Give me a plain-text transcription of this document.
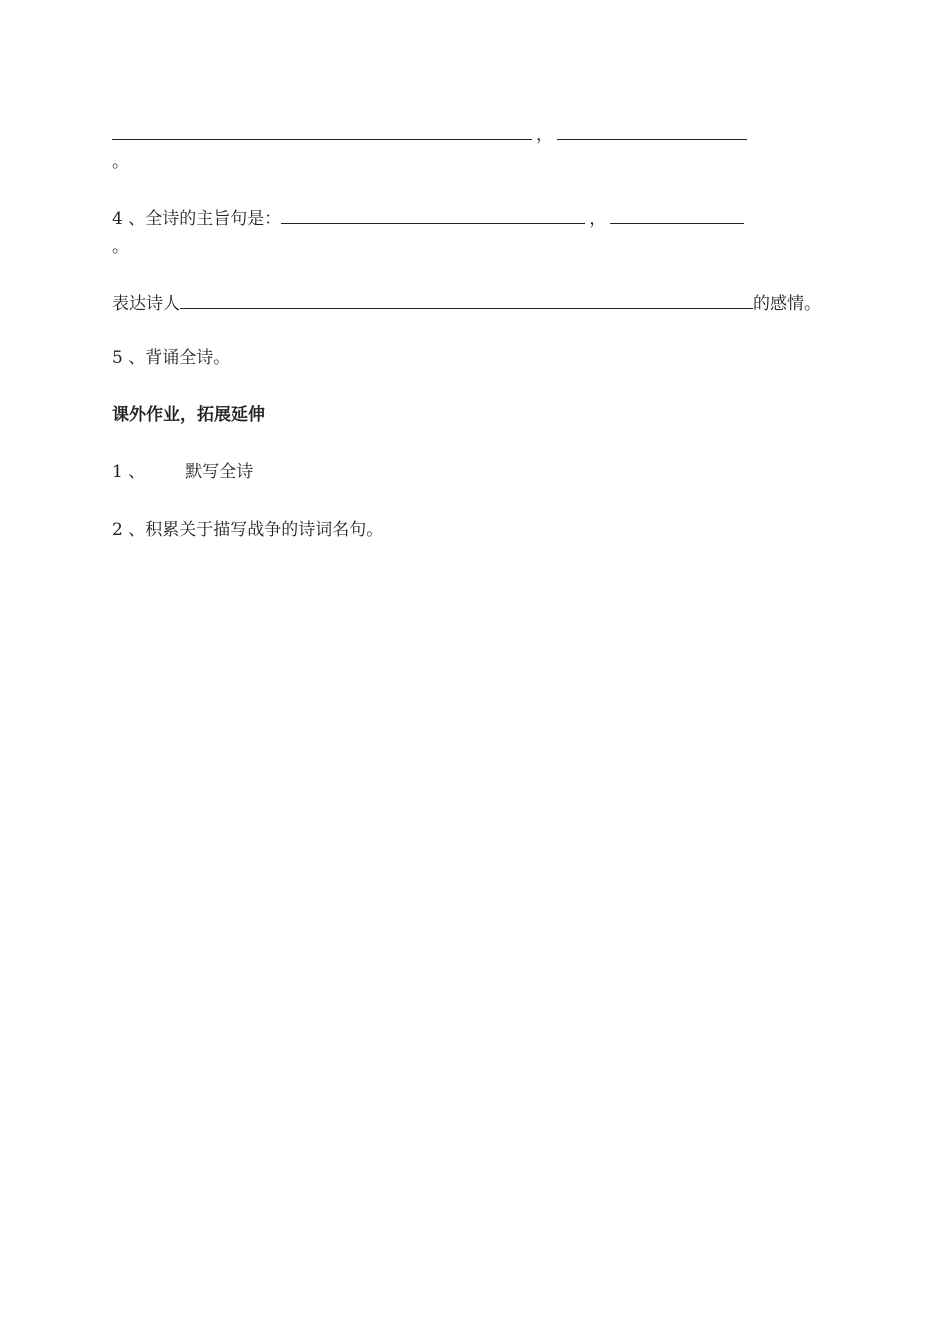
，
。
4 、全诗的主旨句是：	，
。
表达诗人	的感情。
5 、背诵全诗。
课外作业，拓展延伸
1 、 默写全诗
2 、积累关于描写战争的诗词名句。
